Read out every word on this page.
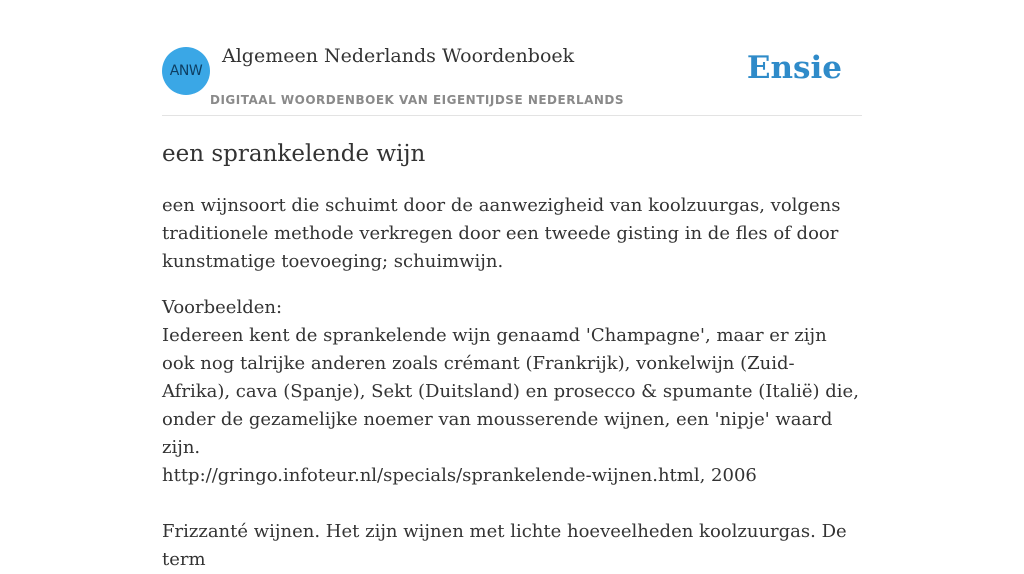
ANW
Algemeen Nederlands Woordenboek
DIGITAAL WOORDENBOEK VAN EIGENTIJDSE NEDERLANDS
Ensie
een sprankelende wijn

een wijnsoort die schuimt door de aanwezigheid van koolzuurgas, volgens traditionele methode verkregen door een tweede gisting in de fles of door kunstmatige toevoeging; schuimwijn.

Voorbeelden:

Iedereen kent de sprankelende wijn genaamd 'Champagne', maar er zijn ook nog talrijke anderen zoals crémant (Frankrijk), vonkelwijn (Zuid-Afrika), cava (Spanje), Sekt (Duitsland) en prosecco & spumante (Italië) die, onder de gezamelijke noemer van mousserende wijnen, een 'nipje' waard zijn.
http://gringo.infoteur.nl/specials/sprankelende-wijnen.html, 2006

Frizzanté wijnen. Het zijn wijnen met lichte hoeveelheden koolzuurgas. De term
